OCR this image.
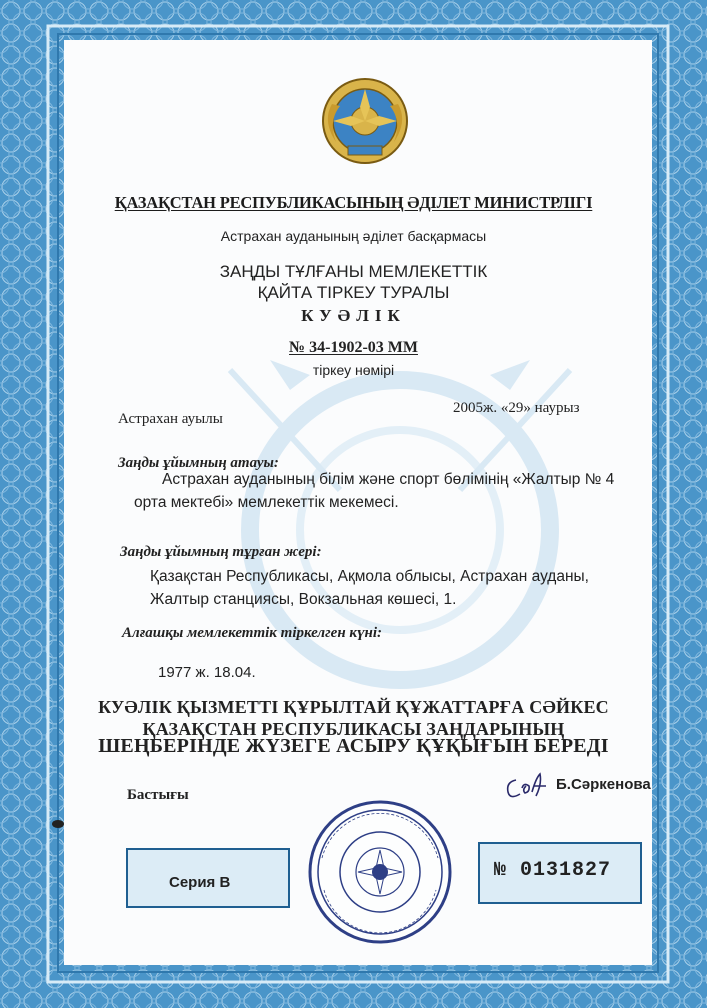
ҚАЗАҚСТАН РЕСПУБЛИКАСЫНЫҢ ӘДІЛЕТ МИНИСТРЛІГІ
Астрахан ауданының әділет басқармасы
ЗАҢДЫ ТҰЛҒАНЫ МЕМЛЕКЕТТІК
ҚАЙТА ТІРКЕУ ТУРАЛЫ
КУӘЛІК
№ 34-1902-03 ММ
тіркеу нөмірі
Астрахан ауылы
2005ж. «29» наурыз
Заңды ұйымның атауы:
Астрахан ауданының білім және спорт бөлімінің «Жалтыр № 4
орта мектебі» мемлекеттік мекемесі.
Заңды ұйымның тұрған жері:
Қазақстан Республикасы, Ақмола облысы, Астрахан ауданы,
Жалтыр станциясы, Вокзальная көшесі, 1.
Алғашқы мемлекеттік тіркелген күні:
1977 ж. 18.04.
КУӘЛІК ҚЫЗМЕТТІ ҚҰРЫЛТАЙ ҚҰЖАТТАРҒА СӘЙКЕС
ҚАЗАҚСТАН РЕСПУБЛИКАСЫ ЗАҢДАРЫНЫҢ
ШЕҢБЕРІНДЕ ЖҮЗЕГЕ АСЫРУ ҚҰҚЫҒЫН БЕРЕДІ
Бастығы
Б.Сәркенова
Серия В
№ 0131827
